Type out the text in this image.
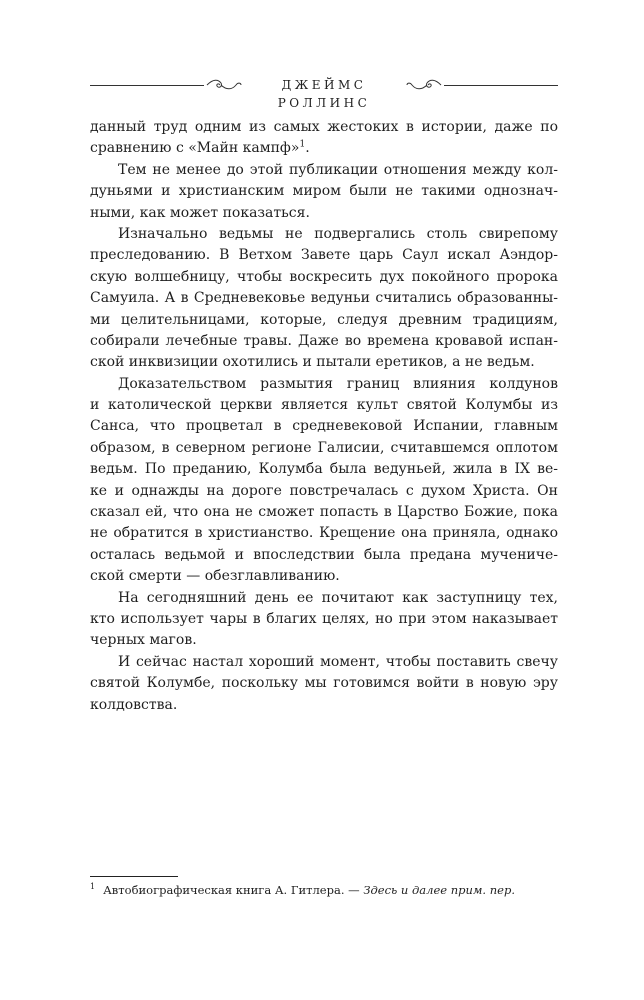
ДЖЕЙМС РОЛЛИНС
данный труд одним из самых жестоких в истории, даже по
сравнению с «Майн кампф»$^1$.
Тем не менее до этой публикации отношения между кол-
дуньями и христианским миром были не такими однознач-
ными, как может показаться.
Изначально ведьмы не подвергались столь свирепому
преследованию. В Ветхом Завете царь Саул искал Аэндор-
скую волшебницу, чтобы воскресить дух покойного пророка
Самуила. А в Средневековье ведуньи считались образованны-
ми целительницами, которые, следуя древним традициям,
собирали лечебные травы. Даже во времена кровавой испан-
ской инквизиции охотились и пытали еретиков, а не ведьм.
Доказательством размытия границ влияния колдунов
и католической церкви является культ святой Колумбы из
Санса, что процветал в средневековой Испании, главным
образом, в северном регионе Галисии, считавшемся оплотом
ведьм. По преданию, Колумба была ведуньей, жила в IX ве-
ке и однажды на дороге повстречалась с духом Христа. Он
сказал ей, что она не сможет попасть в Царство Божие, пока
не обратится в христианство. Крещение она приняла, однако
осталась ведьмой и впоследствии была предана мучениче-
ской смерти — обезглавливанию.
На сегодняшний день ее почитают как заступницу тех,
кто использует чары в благих целях, но при этом наказывает
черных магов.
И сейчас настал хороший момент, чтобы поставить свечу
святой Колумбе, поскольку мы готовимся войти в новую эру
колдовства.
$^1$ Автобиографическая книга А. Гитлера. — Здесь и далее прим. пер.
